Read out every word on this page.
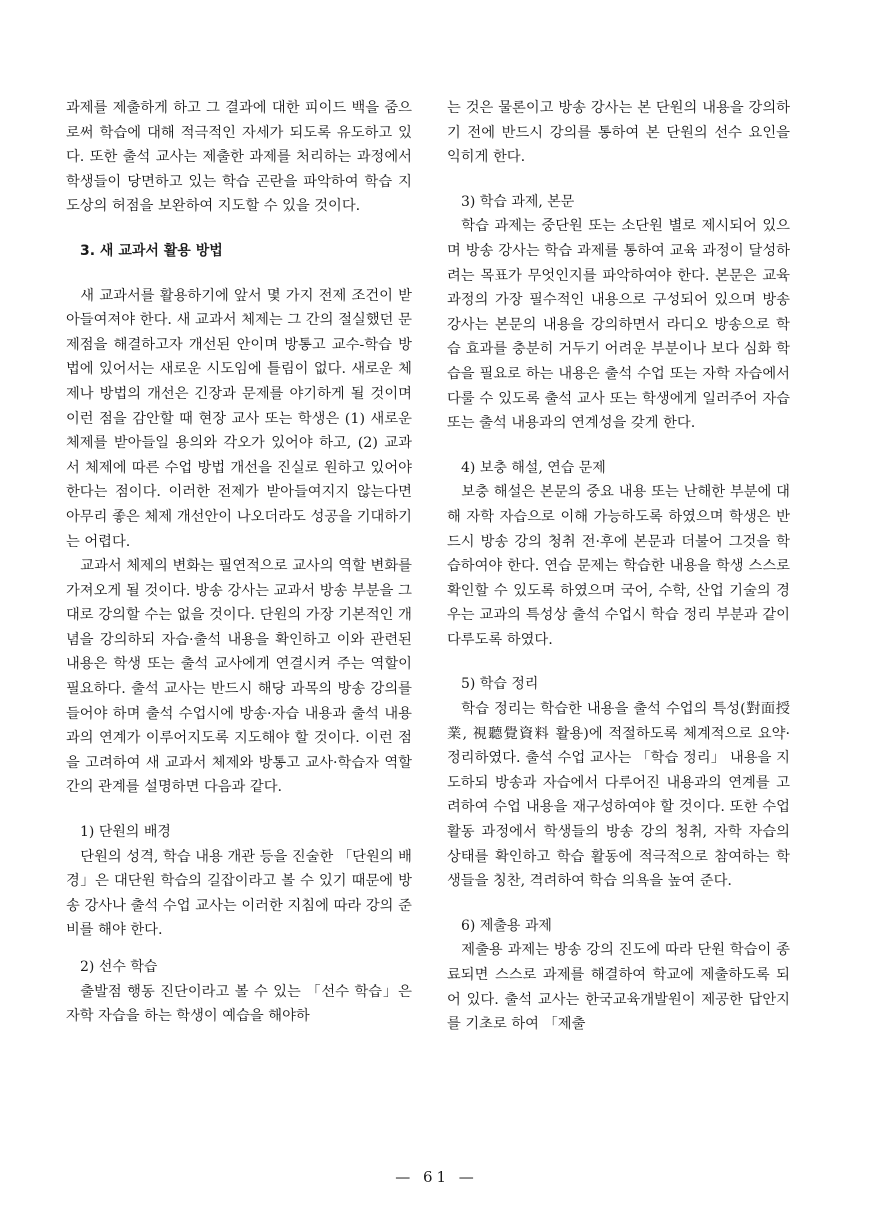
과제를 제출하게 하고 그 결과에 대한 피이드 백을 줌으로써 학습에 대해 적극적인 자세가 되도록 유도하고 있다. 또한 출석 교사는 제출한 과제를 처리하는 과정에서 학생들이 당면하고 있는 학습 곤란을 파악하여 학습 지도상의 허점을 보완하여 지도할 수 있을 것이다.

3. 새 교과서 활용 방법

새 교과서를 활용하기에 앞서 몇 가지 전제 조건이 받아들여져야 한다. 새 교과서 체제는 그 간의 절실했던 문제점을 해결하고자 개선된 안이며 방통고 교수-학습 방법에 있어서는 새로운 시도임에 틀림이 없다. 새로운 체제나 방법의 개선은 긴장과 문제를 야기하게 될 것이며 이런 점을 감안할 때 현장 교사 또는 학생은 (1) 새로운 체제를 받아들일 용의와 각오가 있어야 하고, (2) 교과서 체제에 따른 수업 방법 개선을 진실로 원하고 있어야 한다는 점이다. 이러한 전제가 받아들여지지 않는다면 아무리 좋은 체제 개선안이 나오더라도 성공을 기대하기는 어렵다.

교과서 체제의 변화는 필연적으로 교사의 역할 변화를 가져오게 될 것이다. 방송 강사는 교과서 방송 부분을 그대로 강의할 수는 없을 것이다. 단원의 가장 기본적인 개념을 강의하되 자습·출석 내용을 확인하고 이와 관련된 내용은 학생 또는 출석 교사에게 연결시켜 주는 역할이 필요하다. 출석 교사는 반드시 해당 과목의 방송 강의를 들어야 하며 출석 수업시에 방송·자습 내용과 출석 내용과의 연계가 이루어지도록 지도해야 할 것이다. 이런 점을 고려하여 새 교과서 체제와 방통고 교사·학습자 역할 간의 관계를 설명하면 다음과 같다.

1) 단원의 배경

단원의 성격, 학습 내용 개관 등을 진술한 「단원의 배경」은 대단원 학습의 길잡이라고 볼 수 있기 때문에 방송 강사나 출석 수업 교사는 이러한 지침에 따라 강의 준비를 해야 한다.

2) 선수 학습

출발점 행동 진단이라고 볼 수 있는 「선수 학습」은 자학 자습을 하는 학생이 예습을 해야하

는 것은 물론이고 방송 강사는 본 단원의 내용을 강의하기 전에 반드시 강의를 통하여 본 단원의 선수 요인을 익히게 한다.

3) 학습 과제, 본문

학습 과제는 중단원 또는 소단원 별로 제시되어 있으며 방송 강사는 학습 과제를 통하여 교육 과정이 달성하려는 목표가 무엇인지를 파악하여야 한다. 본문은 교육 과정의 가장 필수적인 내용으로 구성되어 있으며 방송 강사는 본문의 내용을 강의하면서 라디오 방송으로 학습 효과를 충분히 거두기 어려운 부분이나 보다 심화 학습을 필요로 하는 내용은 출석 수업 또는 자학 자습에서 다룰 수 있도록 출석 교사 또는 학생에게 일러주어 자습 또는 출석 내용과의 연계성을 갖게 한다.

4) 보충 해설, 연습 문제

보충 해설은 본문의 중요 내용 또는 난해한 부분에 대해 자학 자습으로 이해 가능하도록 하였으며 학생은 반드시 방송 강의 청취 전·후에 본문과 더불어 그것을 학습하여야 한다. 연습 문제는 학습한 내용을 학생 스스로 확인할 수 있도록 하였으며 국어, 수학, 산업 기술의 경우는 교과의 특성상 출석 수업시 학습 정리 부분과 같이 다루도록 하였다.

5) 학습 정리

학습 정리는 학습한 내용을 출석 수업의 특성(對面授業, 視聽覺資料 활용)에 적절하도록 체계적으로 요약·정리하였다. 출석 수업 교사는 「학습 정리」 내용을 지도하되 방송과 자습에서 다루어진 내용과의 연계를 고려하여 수업 내용을 재구성하여야 할 것이다. 또한 수업 활동 과정에서 학생들의 방송 강의 청취, 자학 자습의 상태를 확인하고 학습 활동에 적극적으로 참여하는 학생들을 칭찬, 격려하여 학습 의욕을 높여 준다.

6) 제출용 과제

제출용 과제는 방송 강의 진도에 따라 단원 학습이 종료되면 스스로 과제를 해결하여 학교에 제출하도록 되어 있다. 출석 교사는 한국교육개발원이 제공한 답안지를 기초로 하여 「제출

— 61 —
